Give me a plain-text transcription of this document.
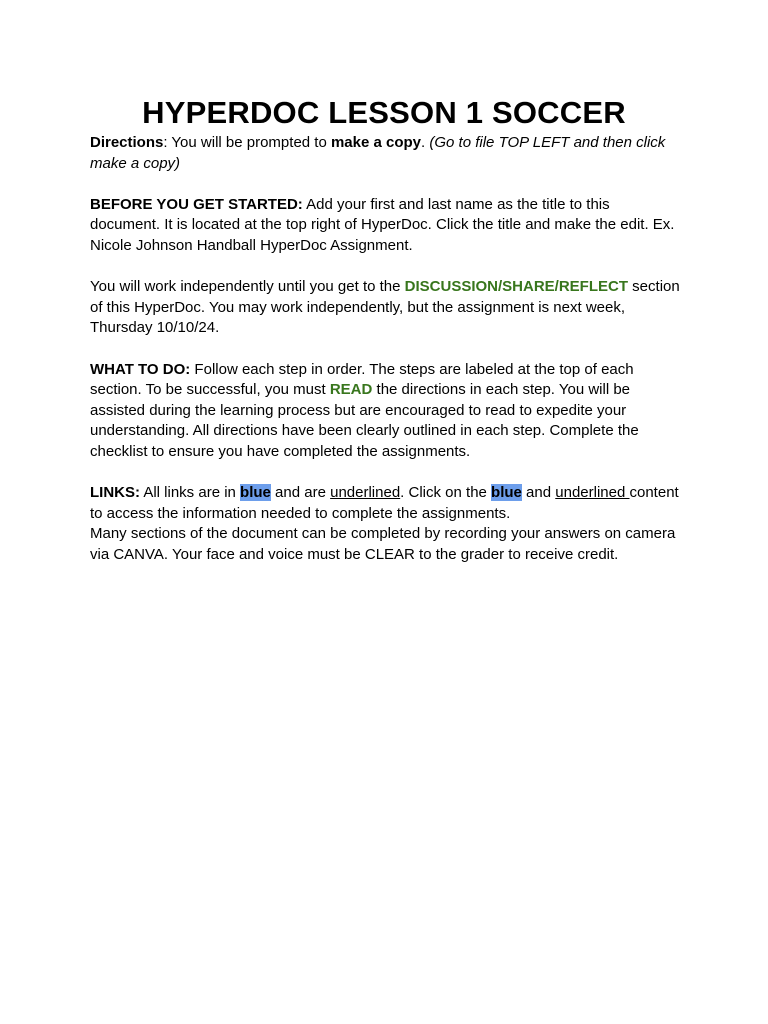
HYPERDOC LESSON 1 SOCCER

Directions: You will be prompted to make a copy. (Go to file TOP LEFT and then click make a copy)

BEFORE YOU GET STARTED: Add your first and last name as the title to this document. It is located at the top right of HyperDoc. Click the title and make the edit. Ex. Nicole Johnson Handball HyperDoc Assignment.

You will work independently until you get to the DISCUSSION/SHARE/REFLECT section of this HyperDoc. You may work independently, but the assignment is next week, Thursday 10/10/24.

WHAT TO DO: Follow each step in order. The steps are labeled at the top of each section. To be successful, you must READ the directions in each step. You will be assisted during the learning process but are encouraged to read to expedite your understanding. All directions have been clearly outlined in each step. Complete the checklist to ensure you have completed the assignments.

LINKS: All links are in blue and are underlined. Click on the blue and underlined content to access the information needed to complete the assignments.
Many sections of the document can be completed by recording your answers on camera via CANVA. Your face and voice must be CLEAR to the grader to receive credit.
